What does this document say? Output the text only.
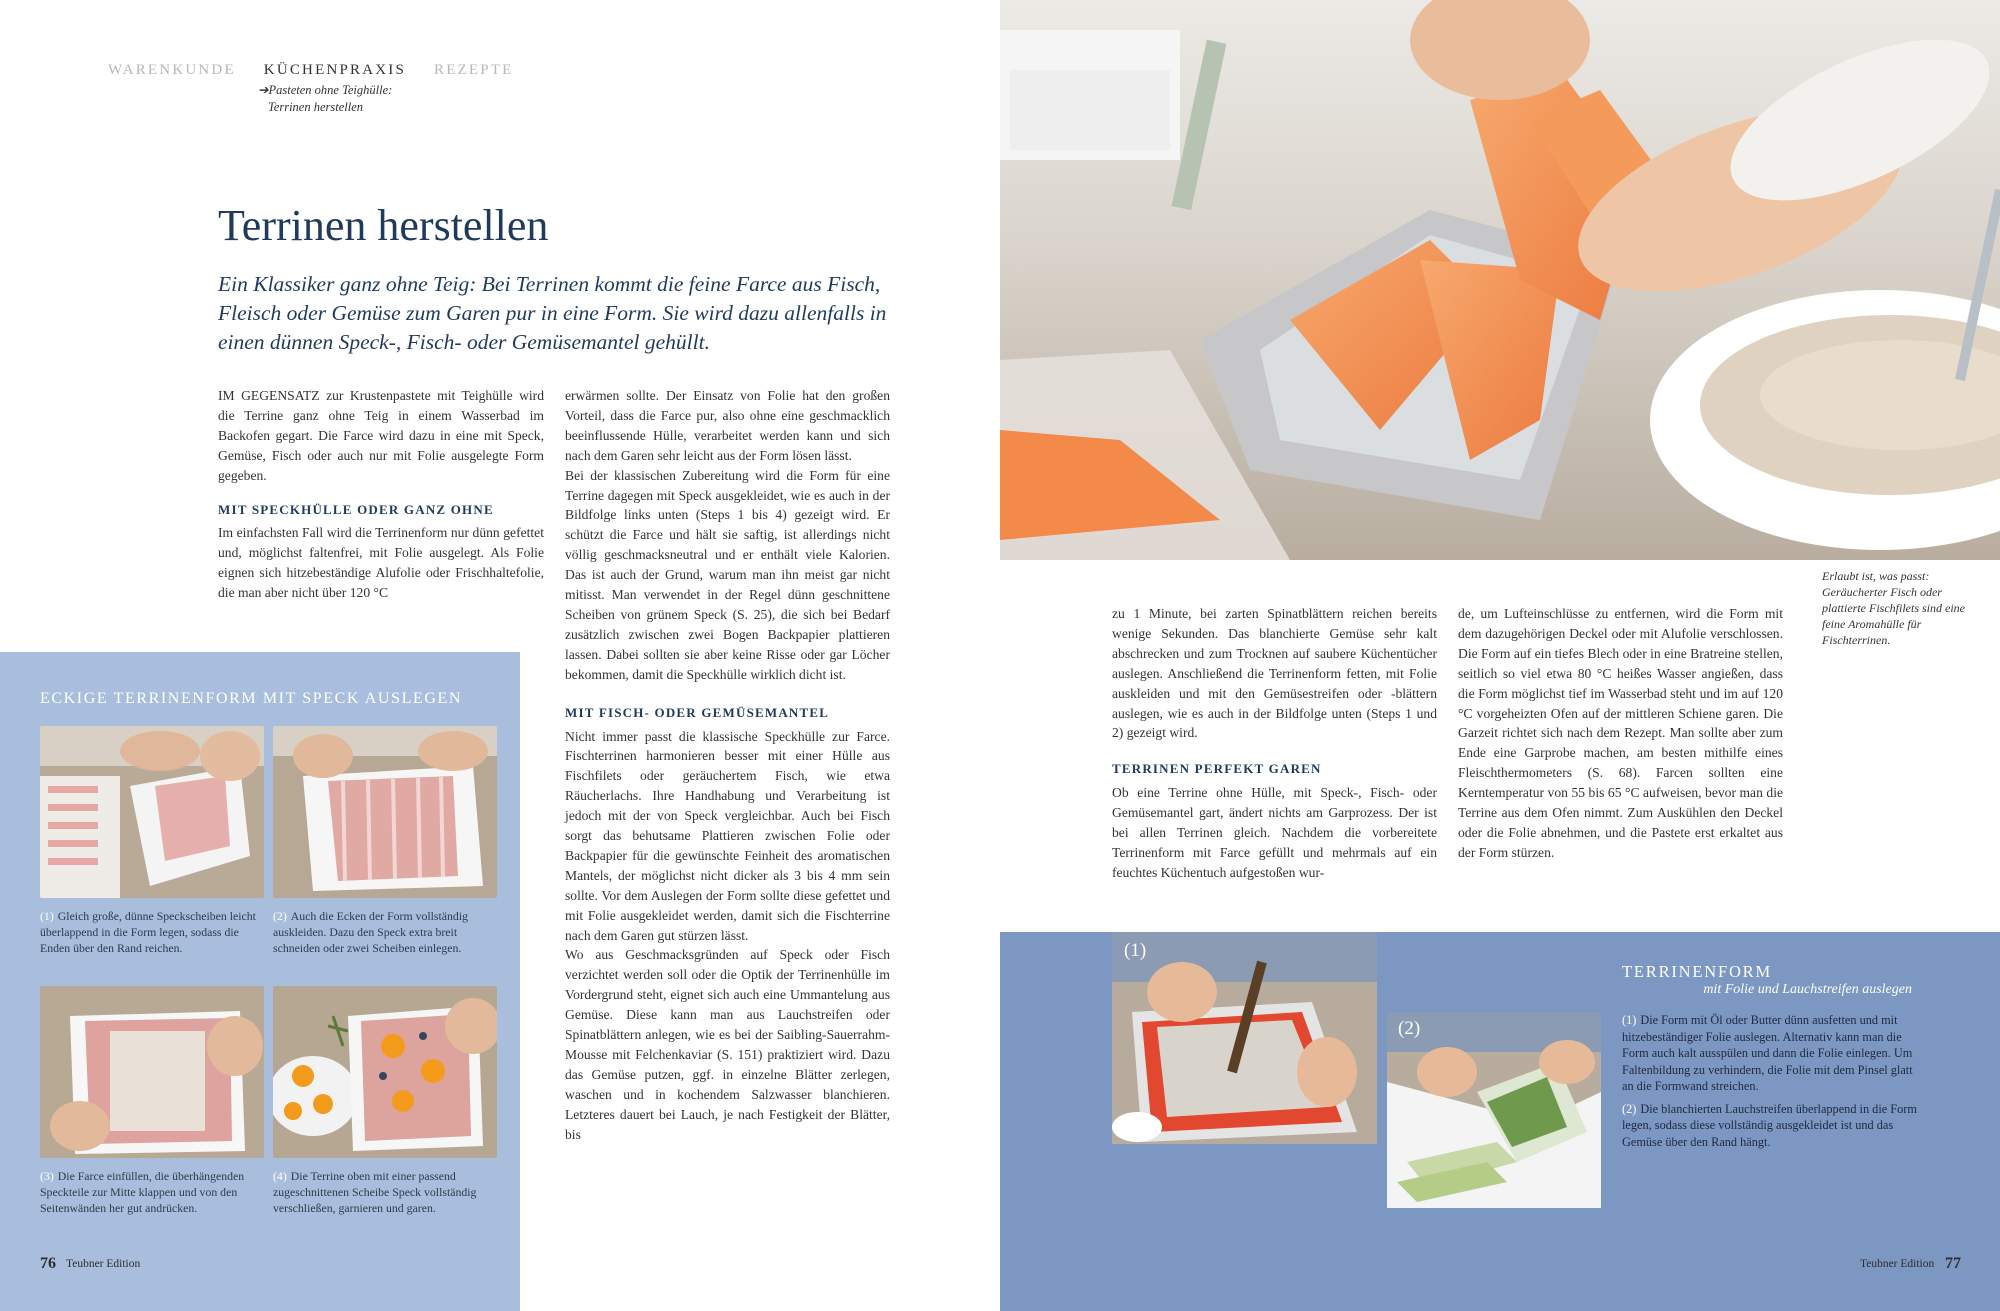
WARENKUNDE KÜCHENPRAXIS REZEPTE
➔Pasteten ohne Teighülle:
Terrinen herstellen
Terrinen herstellen
Ein Klassiker ganz ohne Teig: Bei Terrinen kommt die feine Farce aus Fisch, Fleisch oder Gemüse zum Garen pur in eine Form. Sie wird dazu allenfalls in einen dünnen Speck-, Fisch- oder Gemüsemantel gehüllt.

IM GEGENSATZ zur Krustenpastete mit Teighülle wird die Terrine ganz ohne Teig in einem Wasserbad im Backofen gegart. Die Farce wird dazu in eine mit Speck, Gemüse, Fisch oder auch nur mit Folie ausgelegte Form gegeben.

MIT SPECKHÜLLE ODER GANZ OHNE

Im einfachsten Fall wird die Terrinenform nur dünn gefettet und, möglichst faltenfrei, mit Folie ausgelegt. Als Folie eignen sich hitzebeständige Alufolie oder Frischhaltefolie, die man aber nicht über 120 °C

erwärmen sollte. Der Einsatz von Folie hat den großen Vorteil, dass die Farce pur, also ohne eine geschmacklich beeinflussende Hülle, verarbeitet werden kann und sich nach dem Garen sehr leicht aus der Form lösen lässt.

Bei der klassischen Zubereitung wird die Form für eine Terrine dagegen mit Speck ausgekleidet, wie es auch in der Bildfolge links unten (Steps 1 bis 4) gezeigt wird. Er schützt die Farce und hält sie saftig, ist allerdings nicht völlig geschmacksneutral und er enthält viele Kalorien. Das ist auch der Grund, warum man ihn meist gar nicht mitisst. Man verwendet in der Regel dünn geschnittene Scheiben von grünem Speck (S. 25), die sich bei Bedarf zusätzlich zwischen zwei Bogen Backpapier plattieren lassen. Dabei sollten sie aber keine Risse oder gar Löcher bekommen, damit die Speckhülle wirklich dicht ist.

MIT FISCH- ODER GEMÜSEMANTEL

Nicht immer passt die klassische Speckhülle zur Farce. Fischterrinen harmonieren besser mit einer Hülle aus Fischfilets oder geräuchertem Fisch, wie etwa Räucherlachs. Ihre Handhabung und Verarbeitung ist jedoch mit der von Speck vergleichbar. Auch bei Fisch sorgt das behutsame Plattieren zwischen Folie oder Backpapier für die gewünschte Feinheit des aromatischen Mantels, der möglichst nicht dicker als 3 bis 4 mm sein sollte. Vor dem Auslegen der Form sollte diese gefettet und mit Folie ausgekleidet werden, damit sich die Fischterrine nach dem Garen gut stürzen lässt.

Wo aus Geschmacksgründen auf Speck oder Fisch verzichtet werden soll oder die Optik der Terrinenhülle im Vordergrund steht, eignet sich auch eine Ummantelung aus Gemüse. Diese kann man aus Lauchstreifen oder Spinatblättern anlegen, wie es bei der Saibling-Sauerrahm-Mousse mit Felchenkaviar (S. 151) praktiziert wird. Dazu das Gemüse putzen, ggf. in einzelne Blätter zerlegen, waschen und in kochendem Salzwasser blanchieren. Letzteres dauert bei Lauch, je nach Festigkeit der Blätter, bis

ECKIGE TERRINENFORM MIT SPECK AUSLEGEN
(1) Gleich große, dünne Speckscheiben leicht überlappend in die Form legen, sodass die Enden über den Rand reichen.
(2) Auch die Ecken der Form vollständig auskleiden. Dazu den Speck extra breit schneiden oder zwei Scheiben einlegen.
(3) Die Farce einfüllen, die überhängenden Speckteile zur Mitte klappen und von den Seitenwänden her gut andrücken.
(4) Die Terrine oben mit einer passend zugeschnittenen Scheibe Speck vollständig verschließen, garnieren und garen.
76 Teubner Edition
Erlaubt ist, was passt: Geräucherter Fisch oder plattierte Fischfilets sind eine feine Aromahülle für Fischterrinen.

zu 1 Minute, bei zarten Spinatblättern reichen bereits wenige Sekunden. Das blanchierte Gemüse sehr kalt abschrecken und zum Trocknen auf saubere Küchentücher auslegen. Anschließend die Terrinenform fetten, mit Folie auskleiden und mit den Gemüsestreifen oder -blättern auslegen, wie es auch in der Bildfolge unten (Steps 1 und 2) gezeigt wird.

TERRINEN PERFEKT GAREN

Ob eine Terrine ohne Hülle, mit Speck-, Fisch- oder Gemüsemantel gart, ändert nichts am Garprozess. Der ist bei allen Terrinen gleich. Nachdem die vorbereitete Terrinenform mit Farce gefüllt und mehrmals auf ein feuchtes Küchentuch aufgestoßen wur-

de, um Lufteinschlüsse zu entfernen, wird die Form mit dem dazugehörigen Deckel oder mit Alufolie verschlossen. Die Form auf ein tiefes Blech oder in eine Bratreine stellen, seitlich so viel etwa 80 °C heißes Wasser angießen, dass die Form möglichst tief im Wasserbad steht und im auf 120 °C vorgeheizten Ofen auf der mittleren Schiene garen. Die Garzeit richtet sich nach dem Rezept. Man sollte aber zum Ende eine Garprobe machen, am besten mithilfe eines Fleischthermometers (S. 68). Farcen sollten eine Kerntemperatur von 55 bis 65 °C aufweisen, bevor man die Terrine aus dem Ofen nimmt. Zum Auskühlen den Deckel oder die Folie abnehmen, und die Pastete erst erkaltet aus der Form stürzen.

(1)
(2)
TERRINENFORM
mit Folie und Lauchstreifen auslegen
(1) Die Form mit Öl oder Butter dünn ausfetten und mit hitzebeständiger Folie auslegen. Alternativ kann man die Form auch kalt ausspülen und dann die Folie einlegen. Um Faltenbildung zu verhindern, die Folie mit dem Pinsel glatt an die Formwand streichen.
(2) Die blanchierten Lauchstreifen überlappend in die Form legen, sodass diese vollständig ausgekleidet ist und das Gemüse über den Rand hängt.
Teubner Edition 77
